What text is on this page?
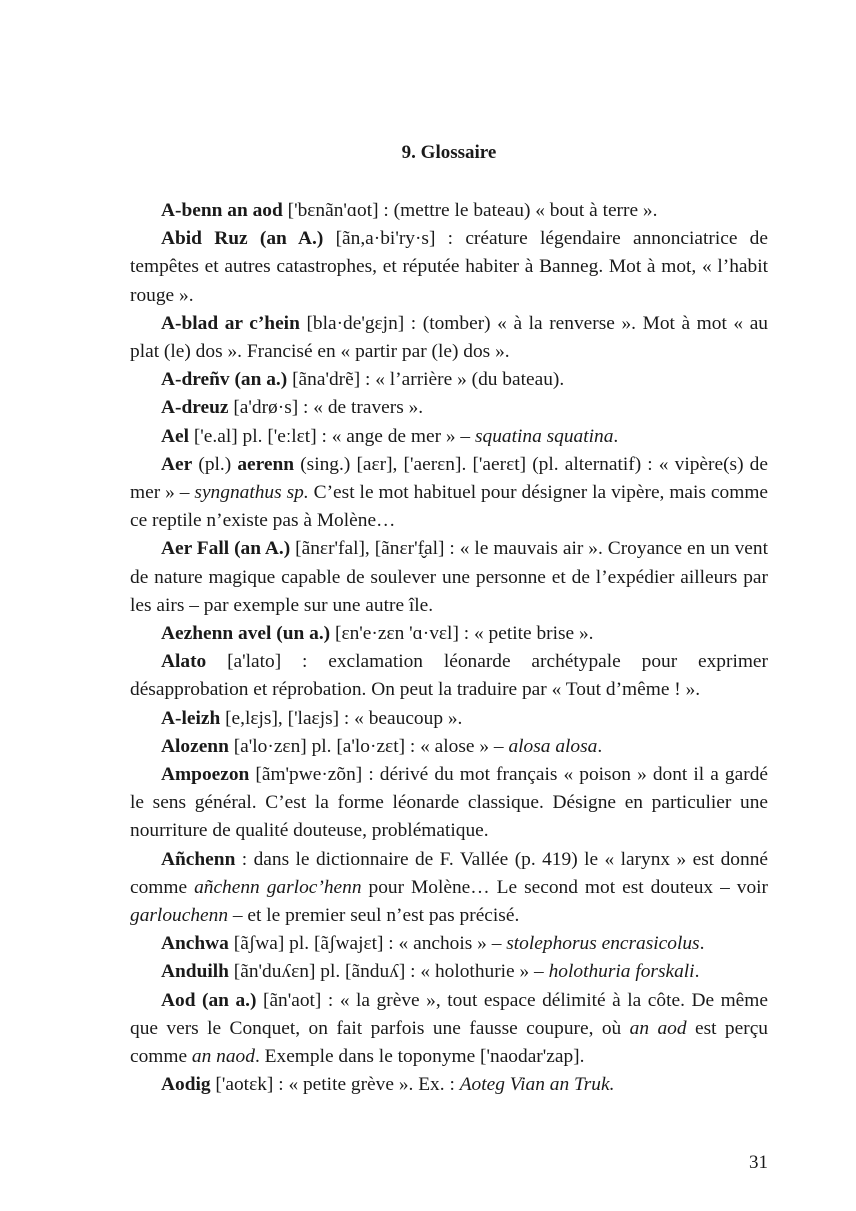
9. Glossaire

A-benn an aod ['bɛnãn'ɑot] : (mettre le bateau) « bout à terre ».

Abid Ruz (an A.) [ãn,a·bi'ry·s] : créature légendaire annonciatrice de tempêtes et autres catastrophes, et réputée habiter à Banneg. Mot à mot, « l’habit rouge ».

A-blad ar c’hein [bla·de'gɛjn] : (tomber) « à la renverse ». Mot à mot « au plat (le) dos ». Francisé en « partir par (le) dos ».

A-dreñv (an a.) [ãna'drẽ] : « l’arrière » (du bateau).

A-dreuz [a'drø·s] : « de travers ».

Ael ['e.al] pl. ['eːlɛt] : « ange de mer » – squatina squatina.

Aer (pl.) aerenn (sing.) [aɛr], ['aerɛn]. ['aerɛt] (pl. alternatif) : « vipère(s) de mer » – syngnathus sp. C’est le mot habituel pour désigner la vipère, mais comme ce reptile n’existe pas à Molène…

Aer Fall (an A.) [ãnɛr'fal], [ãnɛr'f̬al] : « le mauvais air ». Croyance en un vent de nature magique capable de soulever une personne et de l’expédier ailleurs par les airs – par exemple sur une autre île.

Aezhenn avel (un a.) [ɛn'e·zɛn 'ɑ·vɛl] : « petite brise ».

Alato [a'lato] : exclamation léonarde archétypale pour exprimer désapprobation et réprobation. On peut la traduire par « Tout d’même ! ».

A-leizh [e,lɛjs], ['laɛjs] : « beaucoup ».

Alozenn [a'lo·zɛn] pl. [a'lo·zɛt] : « alose » – alosa alosa.

Ampoezon [ãm'pwe·zõn] : dérivé du mot français « poison » dont il a gardé le sens général. C’est la forme léonarde classique. Désigne en particulier une nourriture de qualité douteuse, problématique.

Añchenn : dans le dictionnaire de F. Vallée (p. 419) le « larynx » est donné comme añchenn garloc’henn pour Molène… Le second mot est douteux – voir garlouchenn – et le premier seul n’est pas précisé.

Anchwa [ãʃwa] pl. [ãʃwajɛt] : « anchois » – stolephorus encrasicolus.

Anduilh [ãn'duʎɛn] pl. [ãnduʎ] : « holothurie » – holothuria forskali.

Aod (an a.) [ãn'aot] : « la grève », tout espace délimité à la côte. De même que vers le Conquet, on fait parfois une fausse coupure, où an aod est perçu comme an naod. Exemple dans le toponyme ['naodar'zap].

Aodig ['aotɛk] : « petite grève ». Ex. : Aoteg Vian an Truk.

31
